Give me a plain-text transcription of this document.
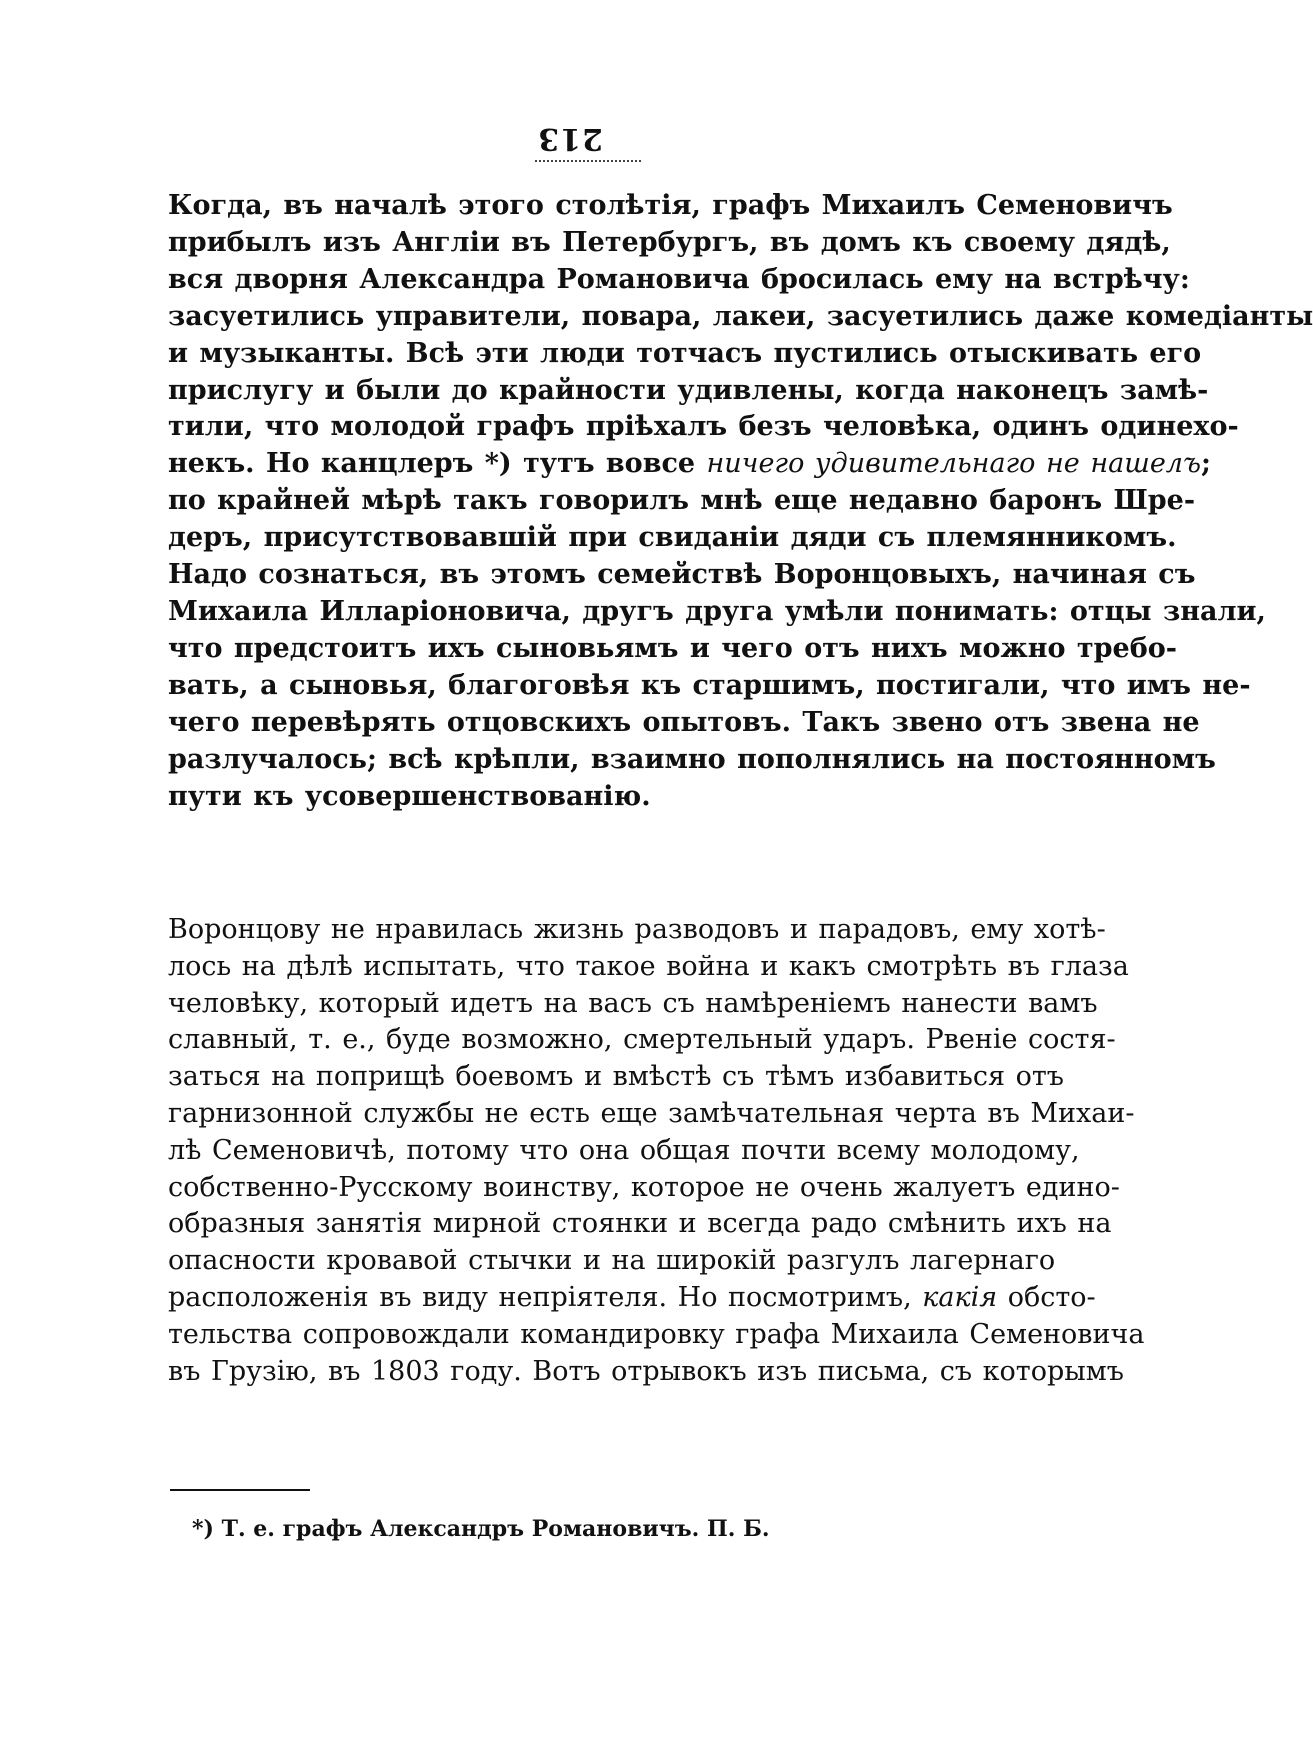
213
Когда, въ началѣ этого столѣтія, графъ Михаилъ Семеновичъ
прибылъ изъ Англіи въ Петербургъ, въ домъ къ своему дядѣ,
вся дворня Александра Романовича бросилась ему на встрѣчу:
засуетились управители, повара, лакеи, засуетились даже комедіанты
и музыканты. Всѣ эти люди тотчасъ пустились отыскивать его
прислугу и были до крайности удивлены, когда наконецъ замѣ-
тили, что молодой графъ пріѣхалъ безъ человѣка, одинъ одинехо-
некъ. Но канцлеръ *) тутъ вовсе ничего удивительнаго не нашелъ;
по крайней мѣрѣ такъ говорилъ мнѣ еще недавно баронъ Шре-
деръ, присутствовавшій при свиданіи дяди съ племянникомъ.
Надо сознаться, въ этомъ семействѣ Воронцовыхъ, начиная съ
Михаила Илларіоновича, другъ друга умѣли понимать: отцы знали,
что предстоитъ ихъ сыновьямъ и чего отъ нихъ можно требо-
вать, а сыновья, благоговѣя къ старшимъ, постигали, что имъ не-
чего перевѣрять отцовскихъ опытовъ. Такъ звено отъ звена не
разлучалось; всѣ крѣпли, взаимно пополнялись на постоянномъ
пути къ усовершенствованію.
Воронцову не нравилась жизнь разводовъ и парадовъ, ему хотѣ-
лось на дѣлѣ испытать, что такое война и какъ смотрѣть въ глаза
человѣку, который идетъ на васъ съ намѣреніемъ нанести вамъ
славный, т. е., буде возможно, смертельный ударъ. Рвеніе состя-
заться на поприщѣ боевомъ и вмѣстѣ съ тѣмъ избавиться отъ
гарнизонной службы не есть еще замѣчательная черта въ Михаи-
лѣ Семеновичѣ, потому что она общая почти всему молодому,
собственно-Русскому воинству, которое не очень жалуетъ едино-
образныя занятія мирной стоянки и всегда радо смѣнить ихъ на
опасности кровавой стычки и на широкій разгулъ лагернаго
расположенія въ виду непріятеля. Но посмотримъ, какія обсто-
тельства сопровождали командировку графа Михаила Семеновича
въ Грузію, въ 1803 году. Вотъ отрывокъ изъ письма, съ которымъ
*) Т. е. графъ Александръ Романовичъ. П. Б.
